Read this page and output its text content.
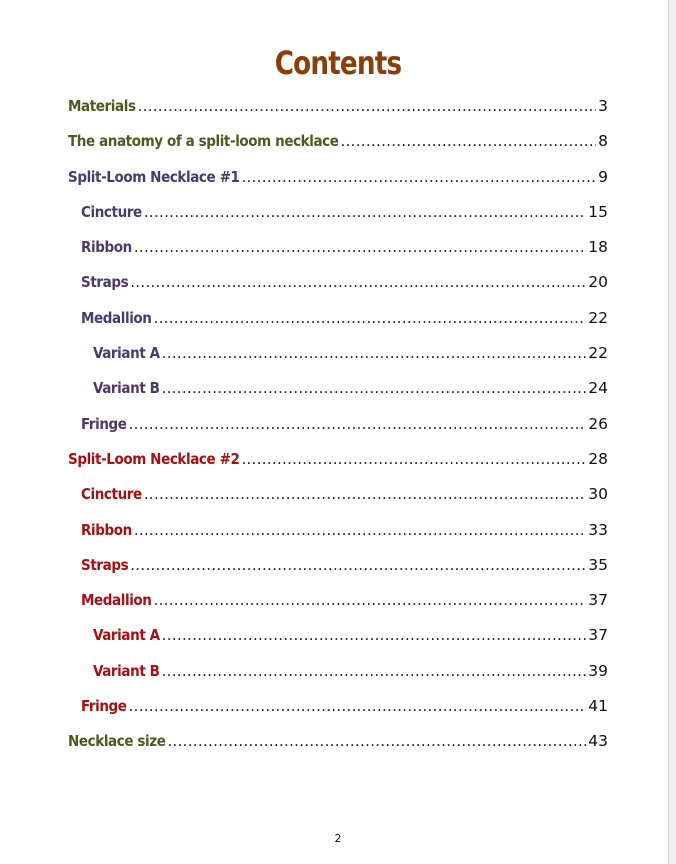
Contents
Materials .....	3
The anatomy of a split-loom necklace .....	8
Split-Loom Necklace #1 .....	9
Cincture .....	15
Ribbon .....	18
Straps .....	20
Medallion .....	22
Variant A .....	22
Variant B .....	24
Fringe .....	26
Split-Loom Necklace #2 .....	28
Cincture .....	30
Ribbon .....	33
Straps .....	35
Medallion .....	37
Variant A .....	37
Variant B .....	39
Fringe .....	41
Necklace size .....	43
2
